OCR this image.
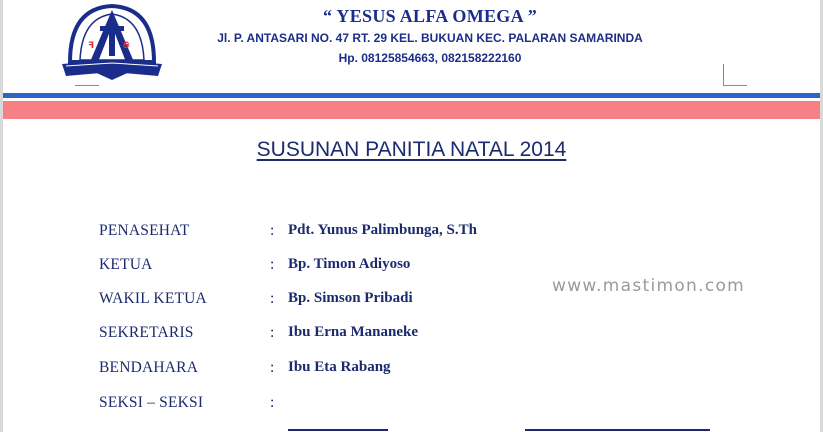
ꟻ	Ꞩ
“ YESUS ALFA OMEGA ”
Jl. P. ANTASARI NO. 47 RT. 29 KEL. BUKUAN KEC. PALARAN SAMARINDA
Hp. 08125854663, 082158222160
SUSUNAN PANITIA NATAL 2014
PENASEHAT	: Pdt. Yunus Palimbunga, S.Th
KETUA	: Bp. Timon Adiyoso
WAKIL KETUA	: Bp. Simson Pribadi
SEKRETARIS	: Ibu Erna Mananeke
BENDAHARA	: Ibu Eta Rabang
SEKSI – SEKSI	:
www.mastimon.com
